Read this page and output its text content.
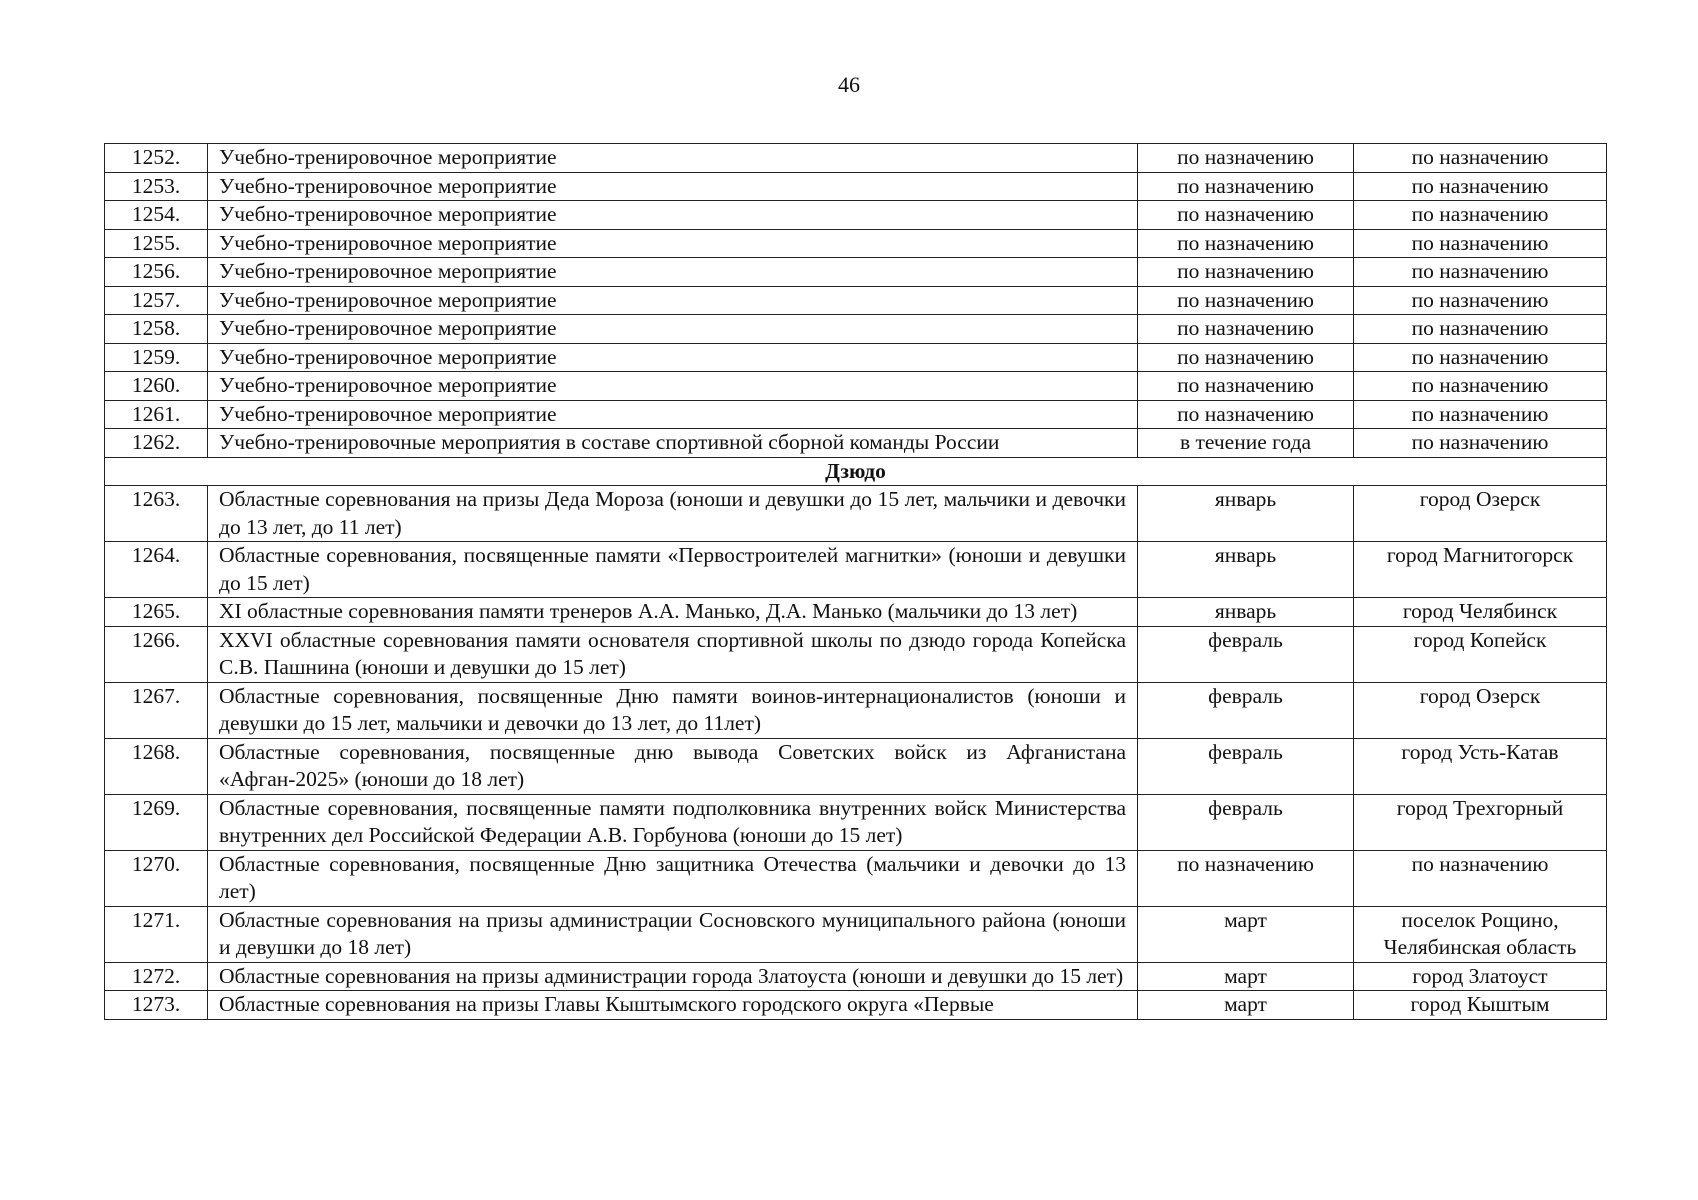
46
1252.	Учебно-тренировочное мероприятие	по назначению	по назначению
1253.	Учебно-тренировочное мероприятие	по назначению	по назначению
1254.	Учебно-тренировочное мероприятие	по назначению	по назначению
1255.	Учебно-тренировочное мероприятие	по назначению	по назначению
1256.	Учебно-тренировочное мероприятие	по назначению	по назначению
1257.	Учебно-тренировочное мероприятие	по назначению	по назначению
1258.	Учебно-тренировочное мероприятие	по назначению	по назначению
1259.	Учебно-тренировочное мероприятие	по назначению	по назначению
1260.	Учебно-тренировочное мероприятие	по назначению	по назначению
1261.	Учебно-тренировочное мероприятие	по назначению	по назначению
1262.	Учебно-тренировочные мероприятия в составе спортивной сборной команды России	в течение года	по назначению
Дзюдо			
1263.	Областные соревнования на призы Деда Мороза (юноши и девушки до 15 лет, мальчики и девочки до 13 лет, до 11 лет)	январь	город Озерск
1264.	Областные соревнования, посвященные памяти «Первостроителей магнитки» (юноши и девушки до 15 лет)	январь	город Магнитогорск
1265.	XI областные соревнования памяти тренеров А.А. Манько, Д.А. Манько (мальчики до 13 лет)	январь	город Челябинск
1266.	XXVI областные соревнования памяти основателя спортивной школы по дзюдо города Копейска С.В. Пашнина (юноши и девушки до 15 лет)	февраль	город Копейск
1267.	Областные соревнования, посвященные Дню памяти воинов-интернационалистов (юноши и девушки до 15 лет, мальчики и девочки до 13 лет, до 11лет)	февраль	город Озерск
1268.	Областные соревнования, посвященные дню вывода Советских войск из Афганистана «Афган-2025» (юноши до 18 лет)	февраль	город Усть-Катав
1269.	Областные соревнования, посвященные памяти подполковника внутренних войск Министерства внутренних дел Российской Федерации А.В. Горбунова (юноши до 15 лет)	февраль	город Трехгорный
1270.	Областные соревнования, посвященные Дню защитника Отечества (мальчики и девочки до 13 лет)	по назначению	по назначению
1271.	Областные соревнования на призы администрации Сосновского муниципального района (юноши и девушки до 18 лет)	март	поселок Рощино, Челябинская область
1272.	Областные соревнования на призы администрации города Златоуста (юноши и девушки до 15 лет)	март	город Златоуст
1273.	Областные соревнования на призы Главы Кыштымского городского округа «Первые	март	город Кыштым
